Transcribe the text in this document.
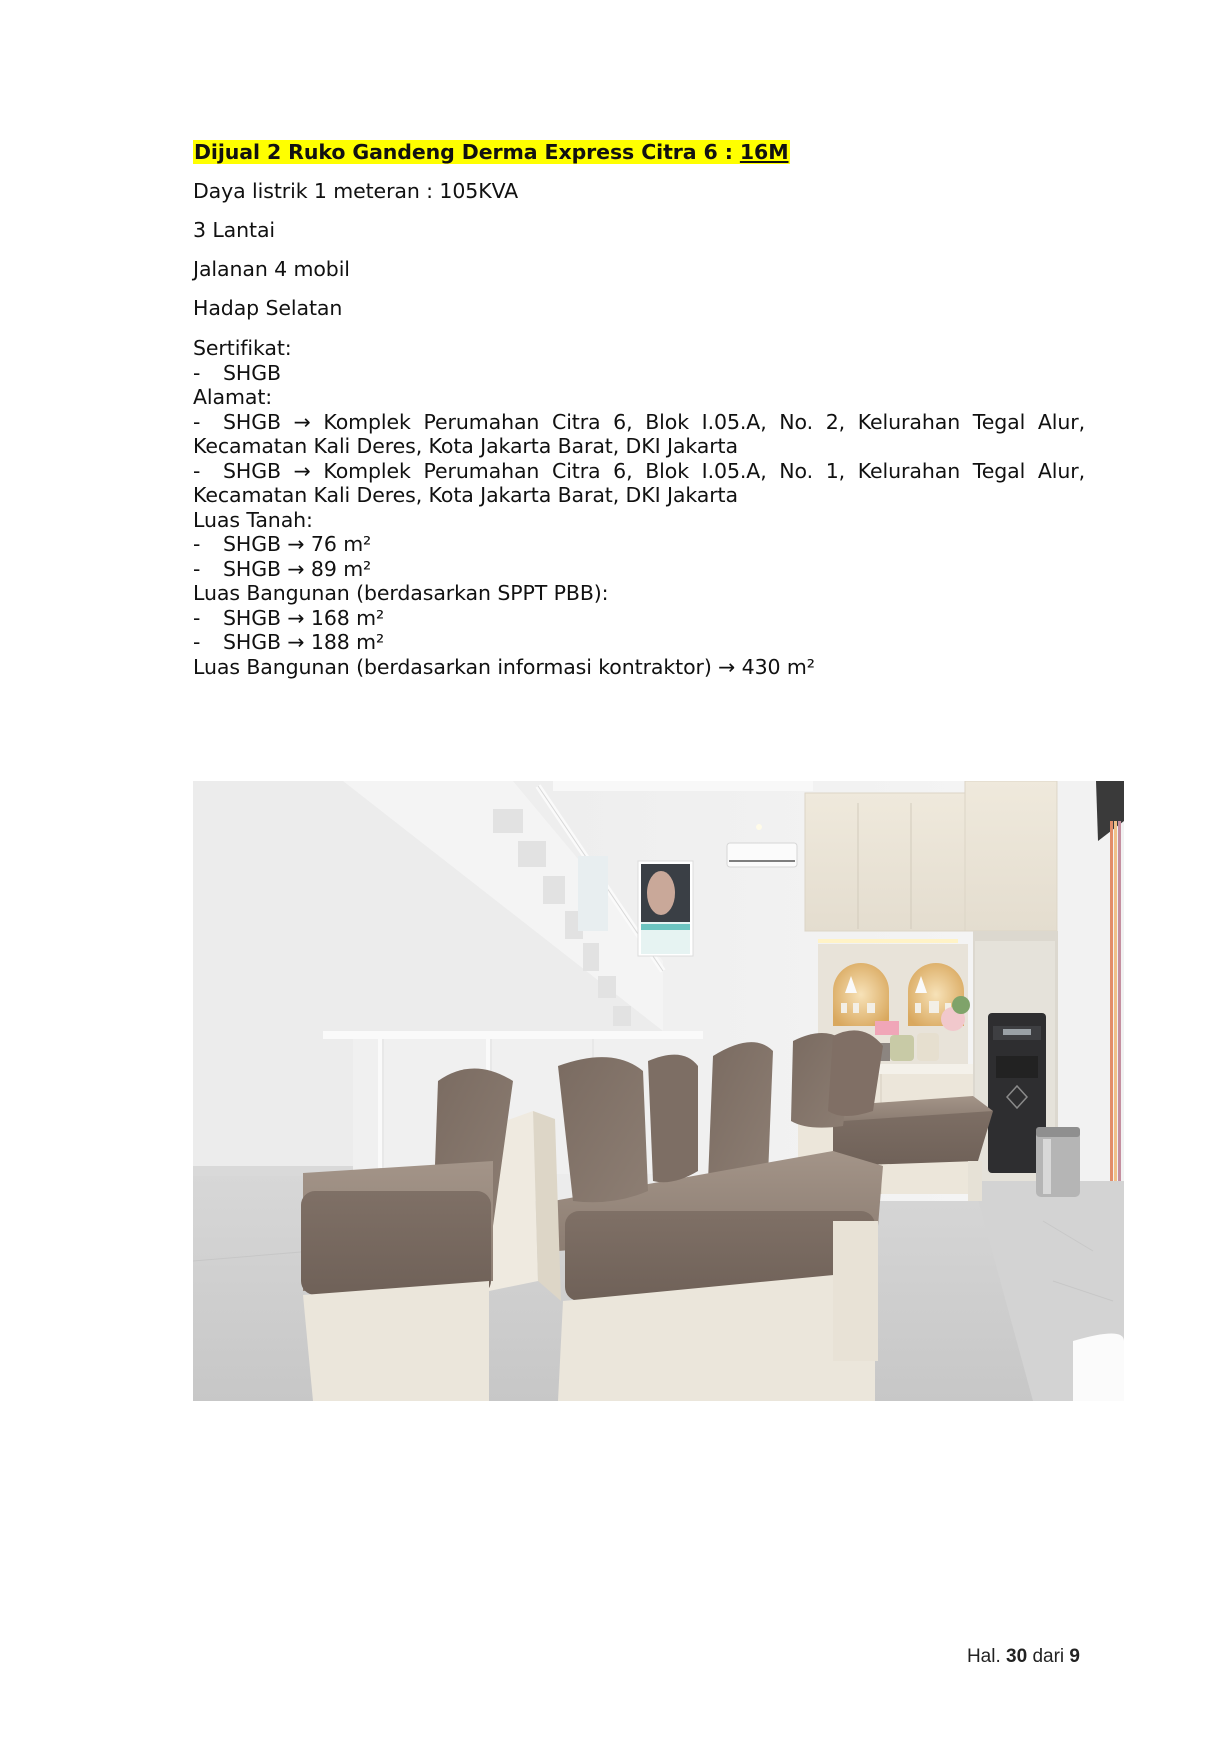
Dijual 2 Ruko Gandeng Derma Express Citra 6 : 16M
Daya listrik 1 meteran : 105KVA
3 Lantai
Jalanan 4 mobil
Hadap Selatan
Sertifikat:
- SHGB
Alamat:
- SHGB → Komplek Perumahan Citra 6, Blok I.05.A, No. 2, Kelurahan Tegal Alur,
Kecamatan Kali Deres, Kota Jakarta Barat, DKI Jakarta
- SHGB → Komplek Perumahan Citra 6, Blok I.05.A, No. 1, Kelurahan Tegal Alur,
Kecamatan Kali Deres, Kota Jakarta Barat, DKI Jakarta
Luas Tanah:
- SHGB → 76 m²
- SHGB → 89 m²
Luas Bangunan (berdasarkan SPPT PBB):
- SHGB → 168 m²
- SHGB → 188 m²
Luas Bangunan (berdasarkan informasi kontraktor) → 430 m²
Hal. 30 dari 9
